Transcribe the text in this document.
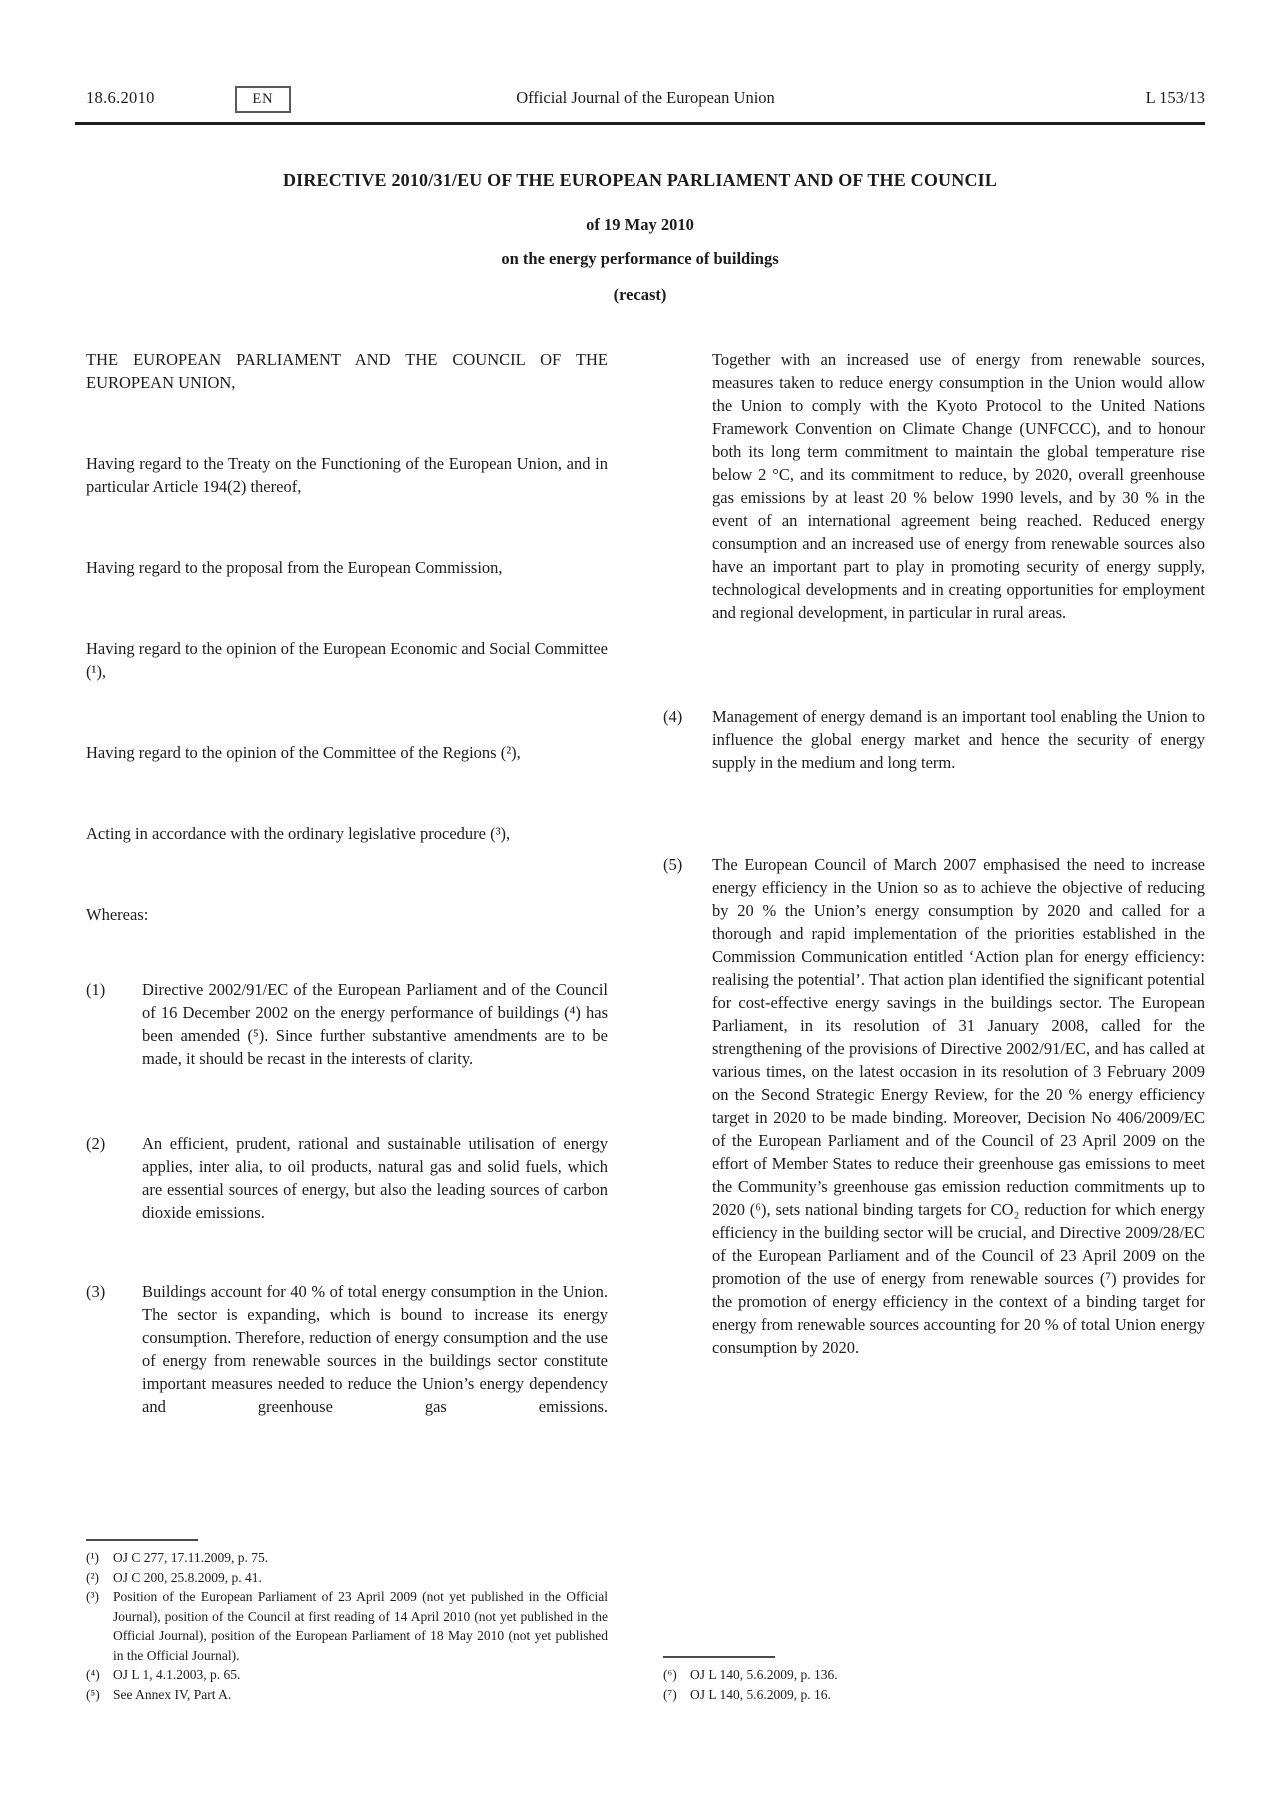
18.6.2010	EN	Official Journal of the European Union	L 153/13
DIRECTIVE 2010/31/EU OF THE EUROPEAN PARLIAMENT AND OF THE COUNCIL
of 19 May 2010
on the energy performance of buildings
(recast)

THE EUROPEAN PARLIAMENT AND THE COUNCIL OF THE EUROPEAN UNION,

Having regard to the Treaty on the Functioning of the European Union, and in particular Article 194(2) thereof,

Having regard to the proposal from the European Commission,

Having regard to the opinion of the European Economic and Social Committee (¹),

Having regard to the opinion of the Committee of the Regions (²),

Acting in accordance with the ordinary legislative procedure (³),

Whereas:

(1)	Directive 2002/91/EC of the European Parliament and of the Council of 16 December 2002 on the energy performance of buildings (⁴) has been amended (⁵). Since further substantive amendments are to be made, it should be recast in the interests of clarity.
(2)	An efficient, prudent, rational and sustainable utilisation of energy applies, inter alia, to oil products, natural gas and solid fuels, which are essential sources of energy, but also the leading sources of carbon dioxide emissions.
(3)	Buildings account for 40 % of total energy consumption in the Union. The sector is expanding, which is bound to increase its energy consumption. Therefore, reduction of energy consumption and the use of energy from renewable sources in the buildings sector constitute important measures needed to reduce the Union’s energy dependency and greenhouse gas emissions.
(¹)	OJ C 277, 17.11.2009, p. 75.
(²)	OJ C 200, 25.8.2009, p. 41.
(³)	Position of the European Parliament of 23 April 2009 (not yet published in the Official Journal), position of the Council at first reading of 14 April 2010 (not yet published in the Official Journal), position of the European Parliament of 18 May 2010 (not yet published in the Official Journal).
(⁴) OJ L 1, 4.1.2003, p. 65.
(⁵) See Annex IV, Part A.

Together with an increased use of energy from renewable sources, measures taken to reduce energy consumption in the Union would allow the Union to comply with the Kyoto Protocol to the United Nations Framework Convention on Climate Change (UNFCCC), and to honour both its long term commitment to maintain the global temperature rise below 2 °C, and its commitment to reduce, by 2020, overall greenhouse gas emissions by at least 20 % below 1990 levels, and by 30 % in the event of an international agreement being reached. Reduced energy consumption and an increased use of energy from renewable sources also have an important part to play in promoting security of energy supply, technological developments and in creating opportunities for employment and regional development, in particular in rural areas.

(4)	Management of energy demand is an important tool enabling the Union to influence the global energy market and hence the security of energy supply in the medium and long term.
(5)	The European Council of March 2007 emphasised the need to increase energy efficiency in the Union so as to achieve the objective of reducing by 20 % the Union’s energy consumption by 2020 and called for a thorough and rapid implementation of the priorities established in the Commission Communication entitled ‘Action plan for energy efficiency: realising the potential’. That action plan identified the significant potential for cost-effective energy savings in the buildings sector. The European Parliament, in its resolution of 31 January 2008, called for the strengthening of the provisions of Directive 2002/91/EC, and has called at various times, on the latest occasion in its resolution of 3 February 2009 on the Second Strategic Energy Review, for the 20 % energy efficiency target in 2020 to be made binding. Moreover, Decision No 406/2009/EC of the European Parliament and of the Council of 23 April 2009 on the effort of Member States to reduce their greenhouse gas emissions to meet the Community’s greenhouse gas emission reduction commitments up to 2020 (⁶), sets national binding targets for CO₂ reduction for which energy efficiency in the building sector will be crucial, and Directive 2009/28/EC of the European Parliament and of the Council of 23 April 2009 on the promotion of the use of energy from renewable sources (⁷) provides for the promotion of energy efficiency in the context of a binding target for energy from renewable sources accounting for 20 % of total Union energy consumption by 2020.
(⁶) OJ L 140, 5.6.2009, p. 136.
(⁷) OJ L 140, 5.6.2009, p. 16.
